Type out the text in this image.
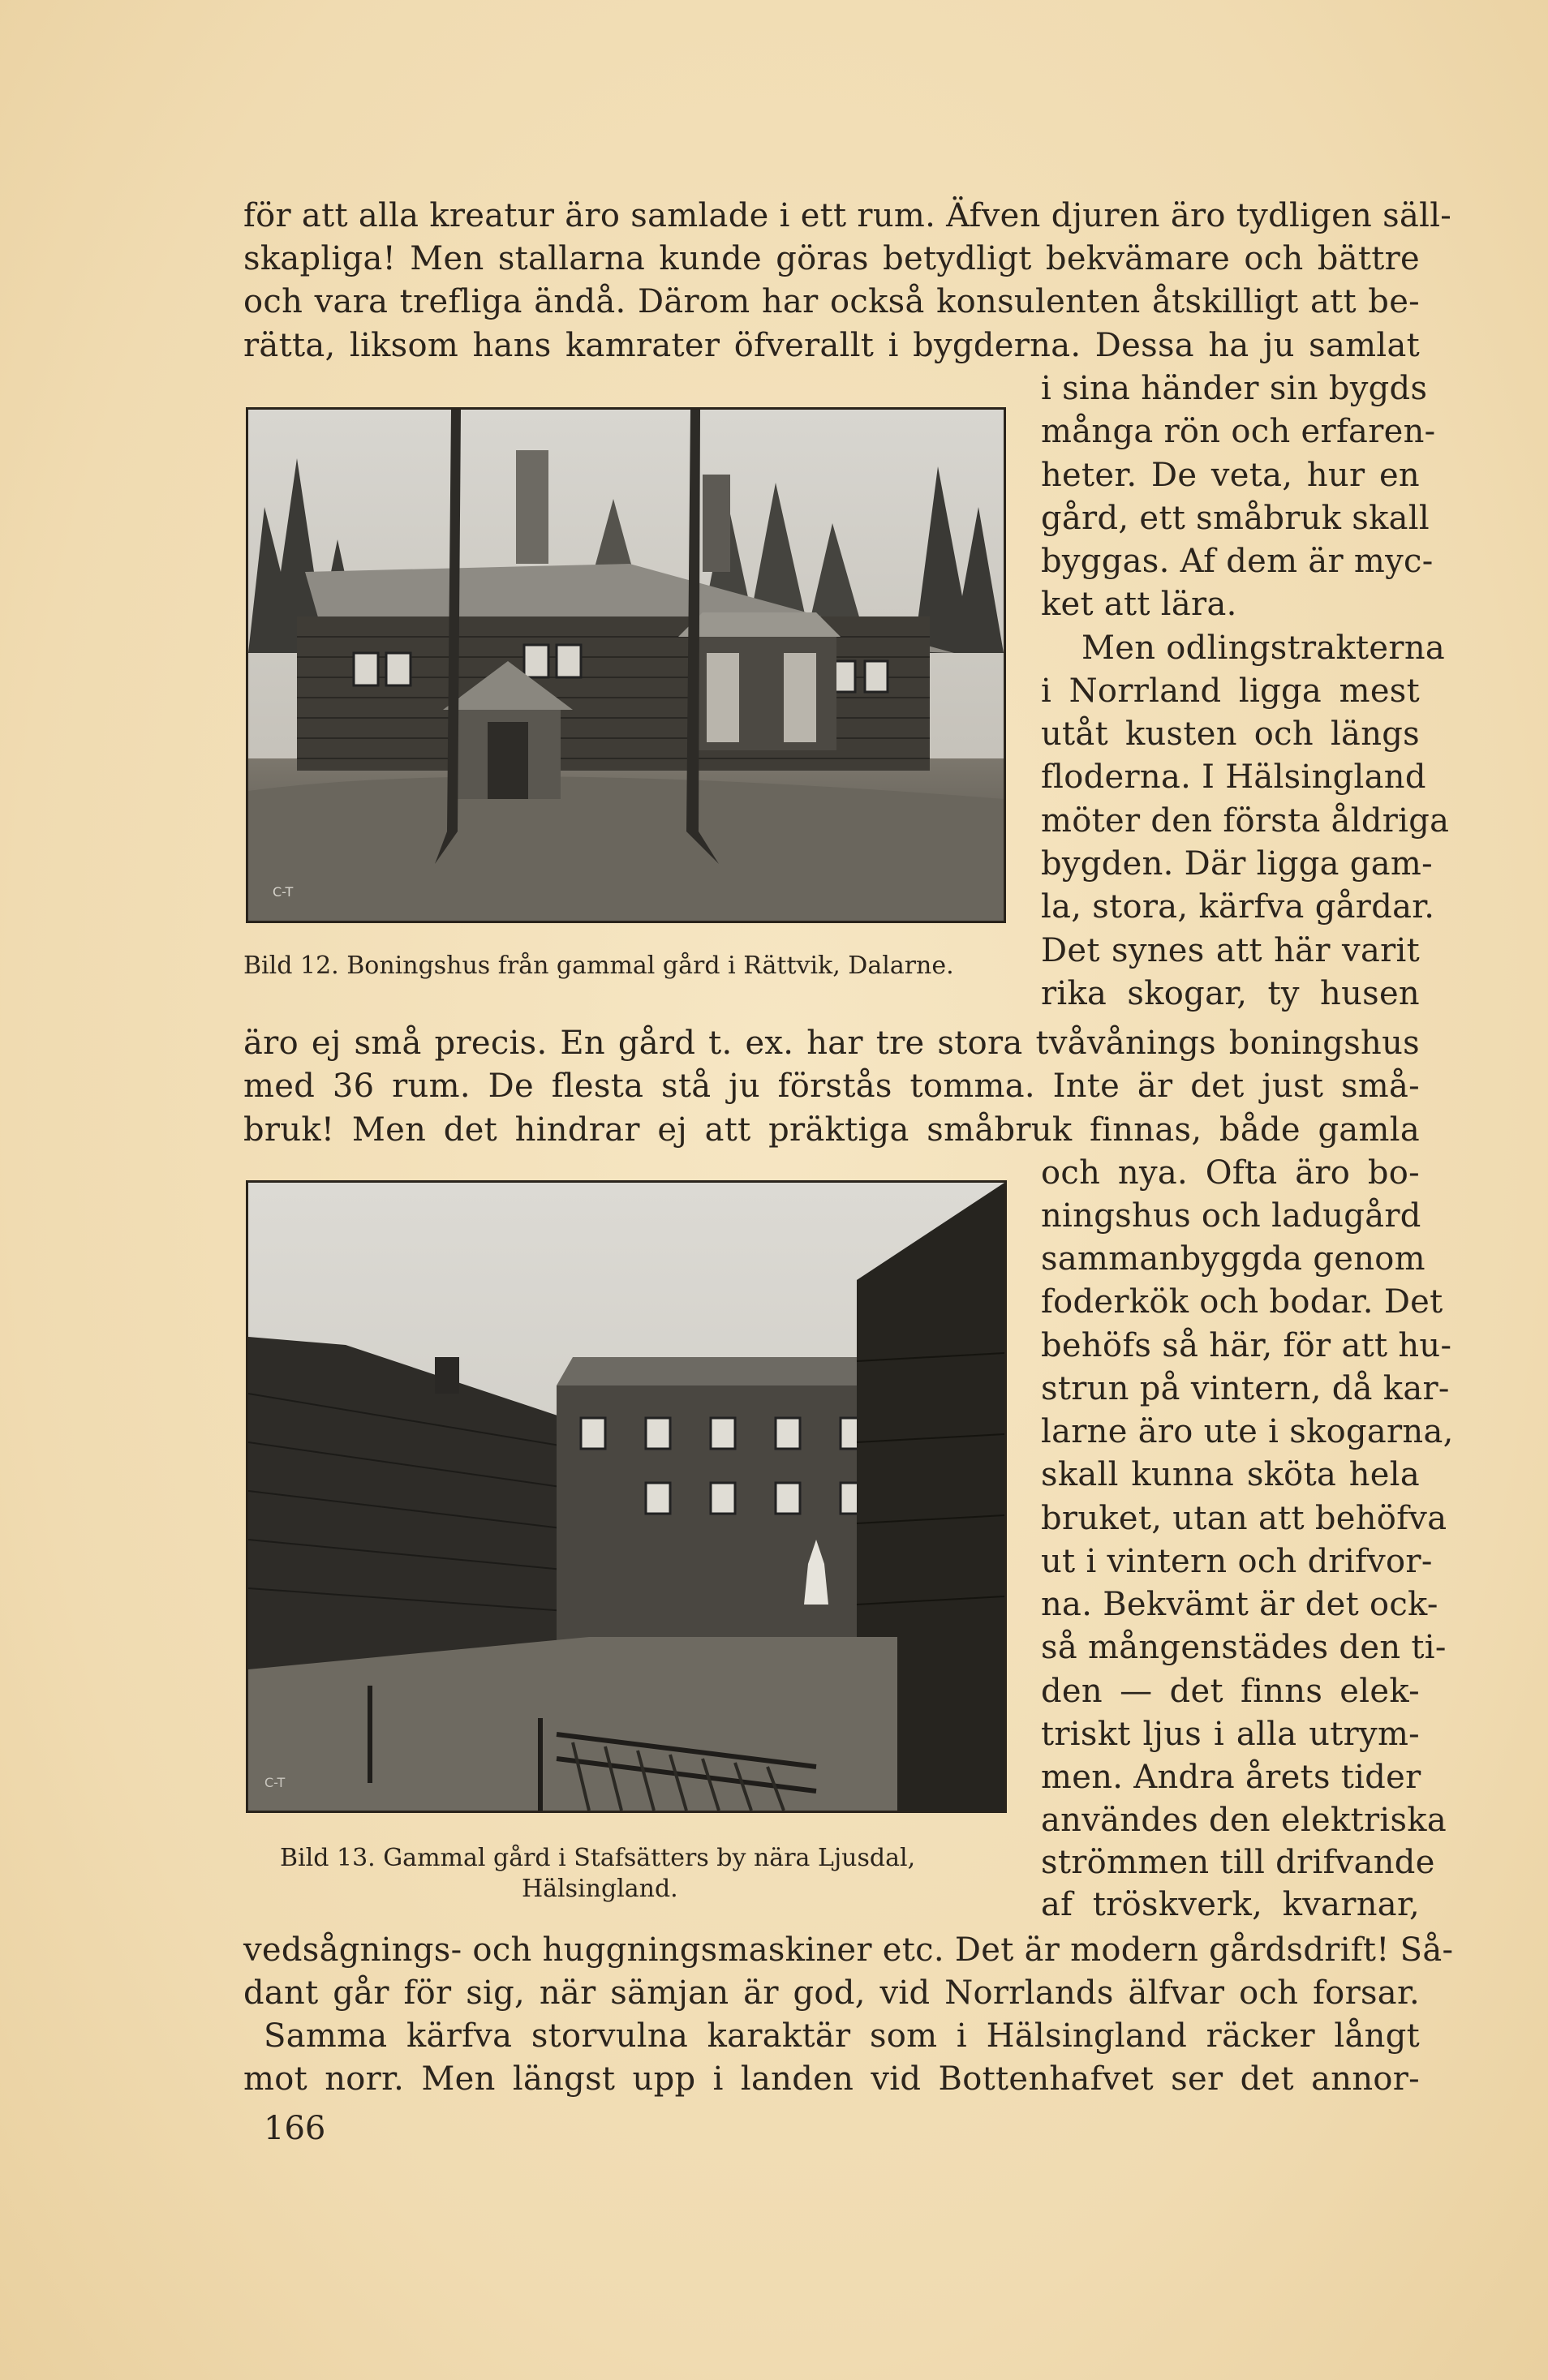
för att alla kreatur äro samlade i ett rum. Äfven djuren äro tydligen säll-
skapliga! Men stallarna kunde göras betydligt bekvämare och bättre
och vara trefliga ändå. Därom har också konsulenten åtskilligt att be-
rätta, liksom hans kamrater öfverallt i bygderna. Dessa ha ju samlat
C-T
i sina händer sin bygds
många rön och erfaren-
heter. De veta, hur en
gård, ett småbruk skall
byggas. Af dem är myc-
ket att lära.
Men odlingstrakterna
i Norrland ligga mest
utåt kusten och längs
floderna. I Hälsingland
möter den första åldriga
bygden. Där ligga gam-
la, stora, kärfva gårdar.
Det synes att här varit
rika skogar, ty husen
Bild 12. Boningshus från gammal gård i Rättvik, Dalarne.
äro ej små precis. En gård t. ex. har tre stora tvåvånings boningshus
med 36 rum. De flesta stå ju förstås tomma. Inte är det just små-
bruk! Men det hindrar ej att präktiga småbruk finnas, både gamla
C-T
och nya. Ofta äro bo-
ningshus och ladugård
sammanbyggda genom
foderkök och bodar. Det
behöfs så här, för att hu-
strun på vintern, då kar-
larne äro ute i skogarna,
skall kunna sköta hela
bruket, utan att behöfva
ut i vintern och drifvor-
na. Bekvämt är det ock-
så mångenstädes den ti-
den — det finns elek-
triskt ljus i alla utrym-
men. Andra årets tider
användes den elektriska
strömmen till drifvande
af tröskverk, kvarnar,
Bild 13. Gammal gård i Stafsätters by nära Ljusdal,
Hälsingland.
vedsågnings- och huggningsmaskiner etc. Det är modern gårdsdrift! Så-
dant går för sig, när sämjan är god, vid Norrlands älfvar och forsar.
Samma kärfva storvulna karaktär som i Hälsingland räcker långt
mot norr. Men längst upp i landen vid Bottenhafvet ser det annor-
166
